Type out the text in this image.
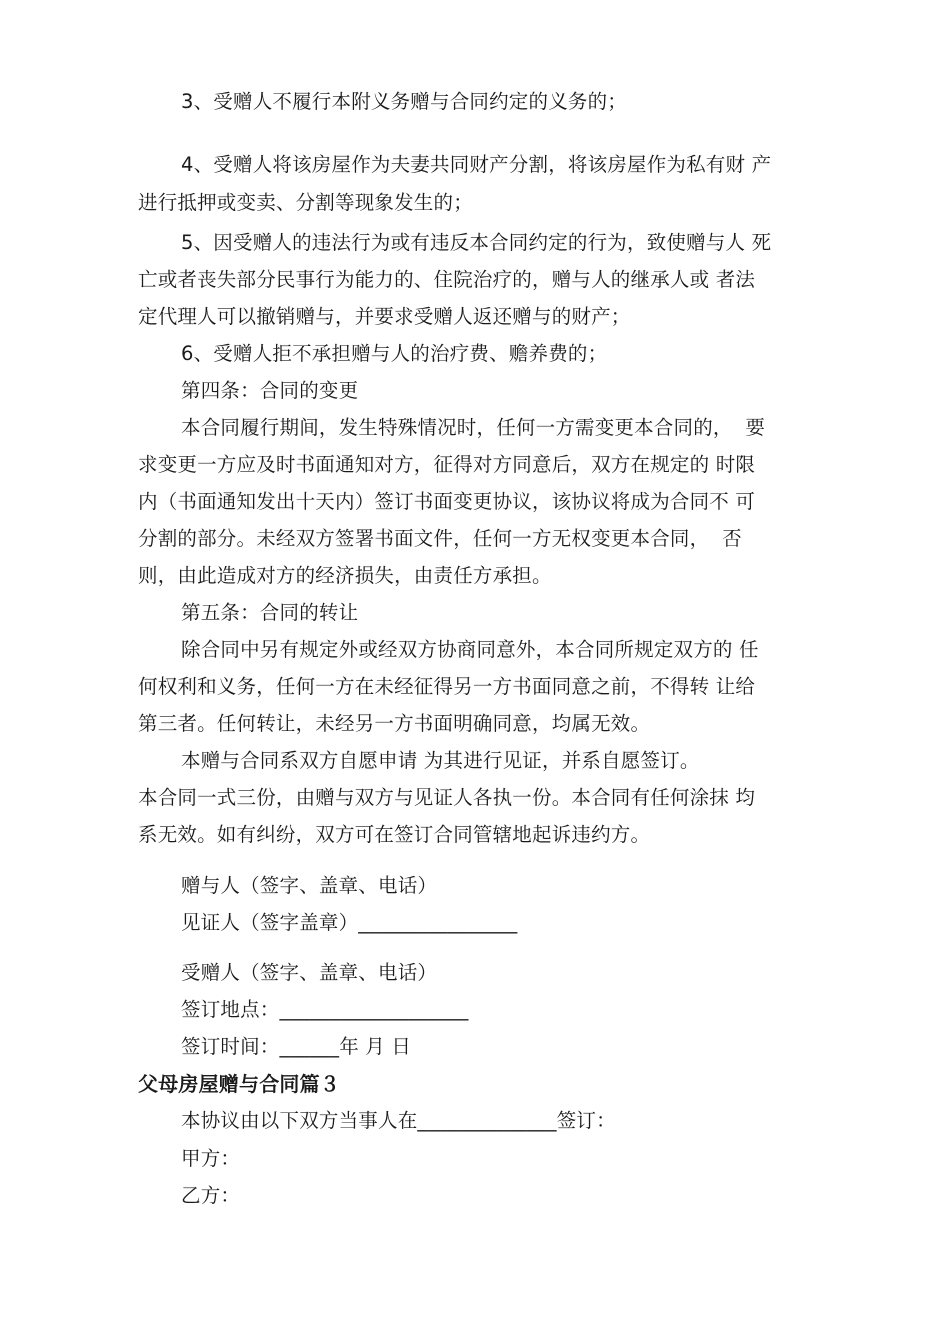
3、受赠人不履行本附义务赠与合同约定的义务的；
4、受赠人将该房屋作为夫妻共同财产分割，将该房屋作为私有财 产
进行抵押或变卖、分割等现象发生的；
5、因受赠人的违法行为或有违反本合同约定的行为，致使赠与人 死
亡或者丧失部分民事行为能力的、住院治疗的，赠与人的继承人或 者法
定代理人可以撤销赠与，并要求受赠人返还赠与的财产；
6、受赠人拒不承担赠与人的治疗费、赡养费的；
第四条：合同的变更
本合同履行期间，发生特殊情况时，任何一方需变更本合同的，  要
求变更一方应及时书面通知对方，征得对方同意后，双方在规定的 时限
内（书面通知发出十天内）签订书面变更协议，该协议将成为合同不 可
分割的部分。未经双方签署书面文件，任何一方无权变更本合同，  否
则，由此造成对方的经济损失，由责任方承担。
第五条：合同的转让
除合同中另有规定外或经双方协商同意外，本合同所规定双方的 任
何权利和义务，任何一方在未经征得另一方书面同意之前，不得转 让给
第三者。任何转让，未经另一方书面明确同意，均属无效。
本赠与合同系双方自愿申请 为其进行见证，并系自愿签订。
本合同一式三份，由赠与双方与见证人各执一份。本合同有任何涂抹 均
系无效。如有纠纷，双方可在签订合同管辖地起诉违约方。
赠与人（签字、盖章、电话）
见证人（签字盖章）________________
受赠人（签字、盖章、电话）
签订地点：___________________
签订时间：______年 月 日
父母房屋赠与合同篇３
本协议由以下双方当事人在______________签订：
甲方：
乙方：
